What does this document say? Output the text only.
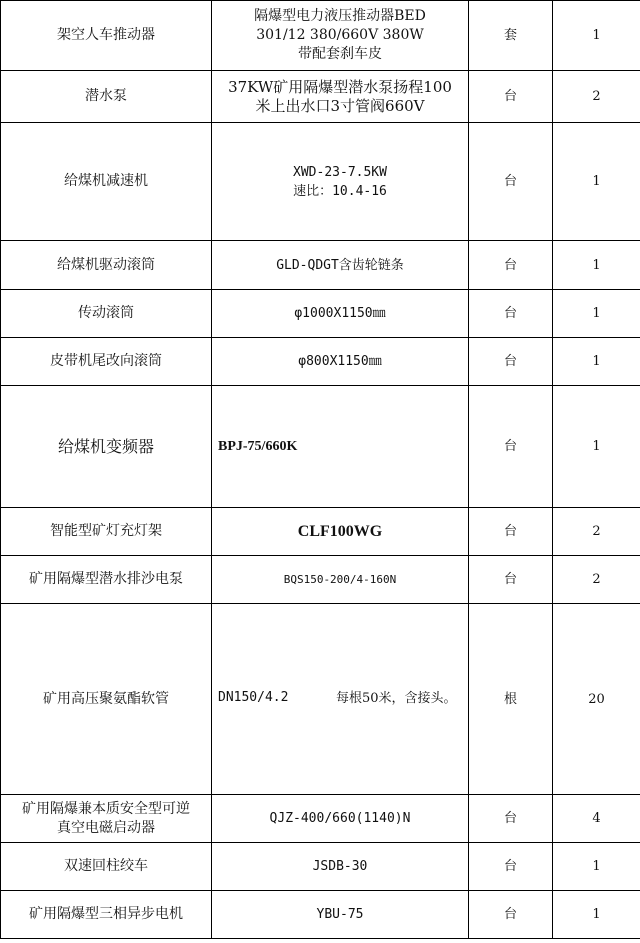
架空人车推动器	隔爆型电力液压推动器BED
301/12 380/660V 380W
带配套刹车皮	套	1
潜水泵	37KW矿用隔爆型潜水泵扬程100
米上出水口3寸管阀660V	台	2
给煤机减速机	XWD-23-7.5KW
速比：10.4-16	台	1
给煤机驱动滚筒	GLD-QDGT含齿轮链条	台	1
传动滚筒	φ1000X1150㎜	台	1
皮带机尾改向滚筒	φ800X1150㎜	台	1
给煤机变频器	BPJ-75/660K	台	1
智能型矿灯充灯架	CLF100WG	台	2
矿用隔爆型潜水排沙电泵	BQS150-200/4-160N	台	2
矿用高压聚氨酯软管	DN150/4.2 每根50米，含接头。	根	20

矿用隔爆兼本质安全型可逆
真空电磁启动器	QJZ-400/660(1140)N	台	4
双速回柱绞车	JSDB-30	台	1
矿用隔爆型三相异步电机	YBU-75	台	1
